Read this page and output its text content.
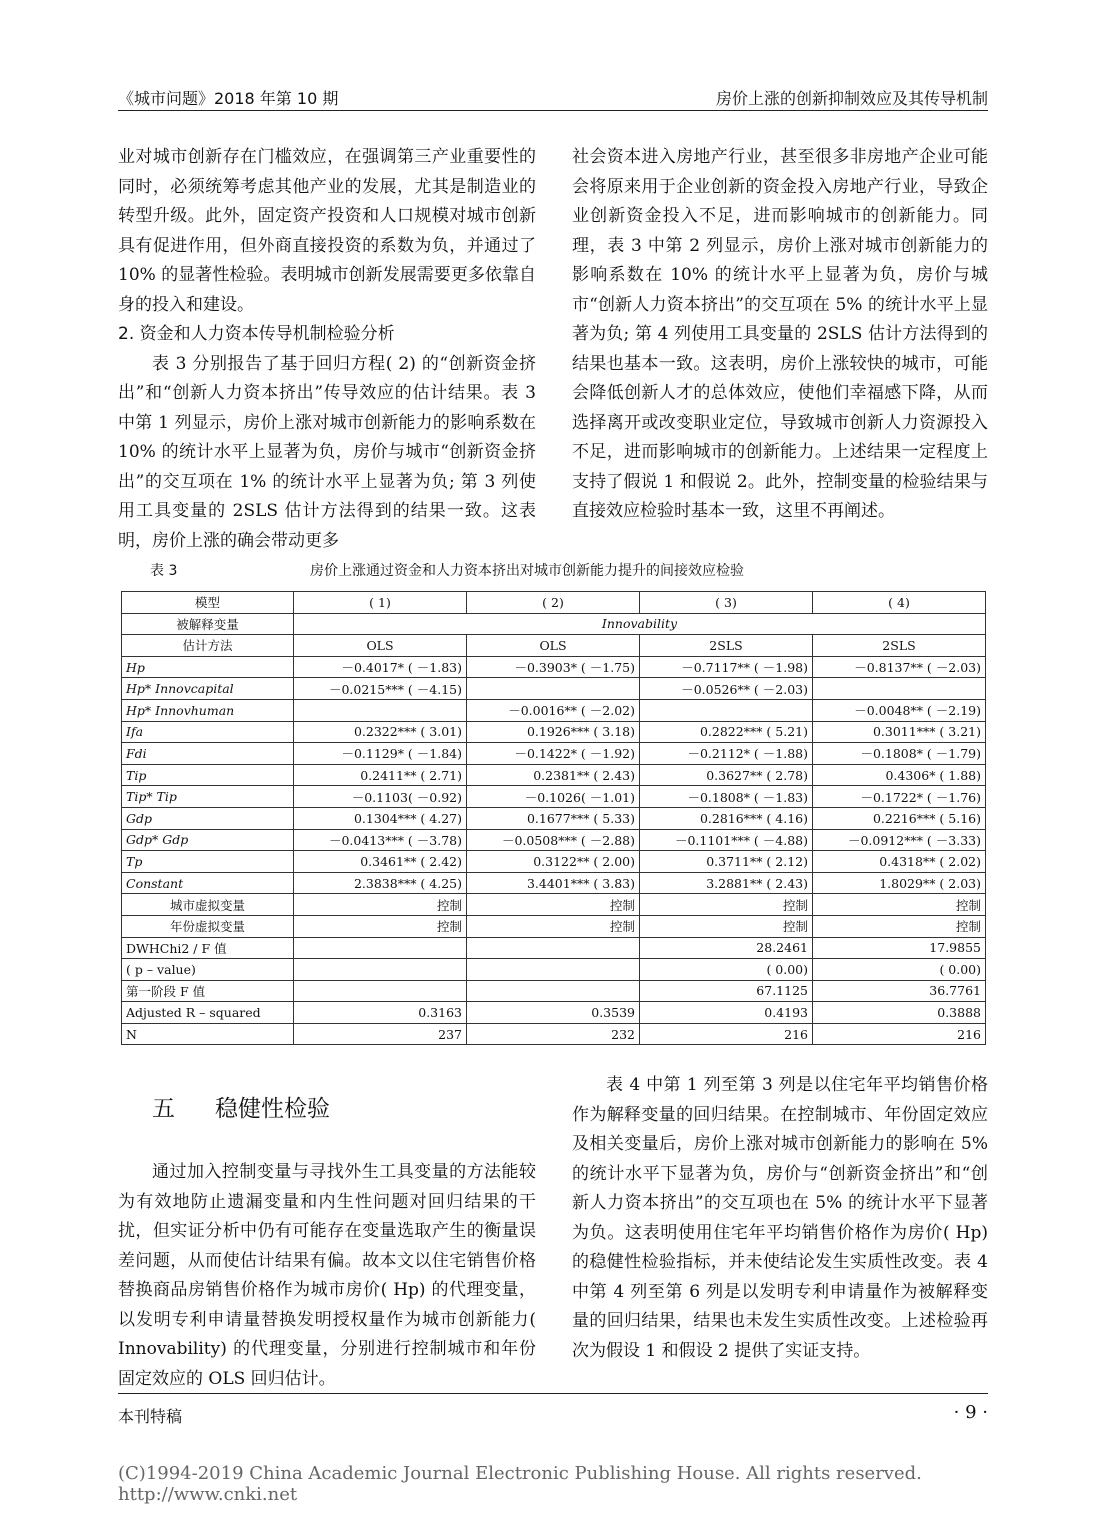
《城市问题》2018 年第 10 期	房价上涨的创新抑制效应及其传导机制

业对城市创新存在门槛效应，在强调第三产业重要性的同时，必须统筹考虑其他产业的发展，尤其是制造业的转型升级。此外，固定资产投资和人口规模对城市创新具有促进作用，但外商直接投资的系数为负，并通过了 10% 的显著性检验。表明城市创新发展需要更多依靠自身的投入和建设。

2. 资金和人力资本传导机制检验分析

表 3 分别报告了基于回归方程( 2) 的“创新资金挤出”和“创新人力资本挤出”传导效应的估计结果。表 3 中第 1 列显示，房价上涨对城市创新能力的影响系数在 10% 的统计水平上显著为负，房价与城市“创新资金挤出”的交互项在 1% 的统计水平上显著为负; 第 3 列使用工具变量的 2SLS 估计方法得到的结果一致。这表明，房价上涨的确会带动更多

社会资本进入房地产行业，甚至很多非房地产企业可能会将原来用于企业创新的资金投入房地产行业，导致企业创新资金投入不足，进而影响城市的创新能力。同理，表 3 中第 2 列显示，房价上涨对城市创新能力的影响系数在 10% 的统计水平上显著为负，房价与城市“创新人力资本挤出”的交互项在 5% 的统计水平上显著为负; 第 4 列使用工具变量的 2SLS 估计方法得到的结果也基本一致。这表明，房价上涨较快的城市，可能会降低创新人才的总体效应，使他们幸福感下降，从而选择离开或改变职业定位，导致城市创新人力资源投入不足，进而影响城市的创新能力。上述结果一定程度上支持了假说 1 和假说 2。此外，控制变量的检验结果与直接效应检验时基本一致，这里不再阐述。

表 3	房价上涨通过资金和人力资本挤出对城市创新能力提升的间接效应检验
模型	( 1)	( 2)	( 3)	( 4)
被解释变量	Innovability			
估计方法	OLS	OLS	2SLS	2SLS
Hp	－0.4017* ( －1.83)	－0.3903* ( －1.75)	－0.7117** ( －1.98)	－0.8137** ( －2.03)
Hp* Innovcapital	－0.0215*** ( －4.15)		－0.0526** ( －2.03)	
Hp* Innovhuman		－0.0016** ( －2.02)		－0.0048** ( －2.19)
Ifa	0.2322*** ( 3.01)	0.1926*** ( 3.18)	0.2822*** ( 5.21)	0.3011*** ( 3.21)
Fdi	－0.1129* ( －1.84)	－0.1422* ( －1.92)	－0.2112* ( －1.88)	－0.1808* ( －1.79)
Tip	0.2411** ( 2.71)	0.2381** ( 2.43)	0.3627** ( 2.78)	0.4306* ( 1.88)
Tip* Tip	－0.1103( －0.92)	－0.1026( －1.01)	－0.1808* ( －1.83)	－0.1722* ( －1.76)
Gdp	0.1304*** ( 4.27)	0.1677*** ( 5.33)	0.2816*** ( 4.16)	0.2216*** ( 5.16)
Gdp* Gdp	－0.0413*** ( －3.78)	－0.0508*** ( －2.88)	－0.1101*** ( －4.88)	－0.0912*** ( －3.33)
Tp	0.3461** ( 2.42)	0.3122** ( 2.00)	0.3711** ( 2.12)	0.4318** ( 2.02)
Constant	2.3838*** ( 4.25)	3.4401*** ( 3.83)	3.2881** ( 2.43)	1.8029** ( 2.03)
城市虚拟变量	控制	控制	控制	控制
年份虚拟变量	控制	控制	控制	控制
DWHChi2 / F 值			28.2461	17.9855
( p – value)			( 0.00)	( 0.00)
第一阶段 F 值			67.1125	36.7761
Adjusted R – squared	0.3163	0.3539	0.4193	0.3888
N	237	232	216	216
五 稳健性检验

通过加入控制变量与寻找外生工具变量的方法能较为有效地防止遗漏变量和内生性问题对回归结果的干扰，但实证分析中仍有可能存在变量选取产生的衡量误差问题，从而使估计结果有偏。故本文以住宅销售价格替换商品房销售价格作为城市房价( Hp) 的代理变量，以发明专利申请量替换发明授权量作为城市创新能力( Innovability) 的代理变量，分别进行控制城市和年份固定效应的 OLS 回归估计。

表 4 中第 1 列至第 3 列是以住宅年平均销售价格作为解释变量的回归结果。在控制城市、年份固定效应及相关变量后，房价上涨对城市创新能力的影响在 5% 的统计水平下显著为负，房价与“创新资金挤出”和“创新人力资本挤出”的交互项也在 5% 的统计水平下显著为负。这表明使用住宅年平均销售价格作为房价( Hp) 的稳健性检验指标，并未使结论发生实质性改变。表 4 中第 4 列至第 6 列是以发明专利申请量作为被解释变量的回归结果，结果也未发生实质性改变。上述检验再次为假设 1 和假设 2 提供了实证支持。

本刊特稿	· 9 ·
(C)1994-2019 China Academic Journal Electronic Publishing House. All rights reserved. http://www.cnki.net
